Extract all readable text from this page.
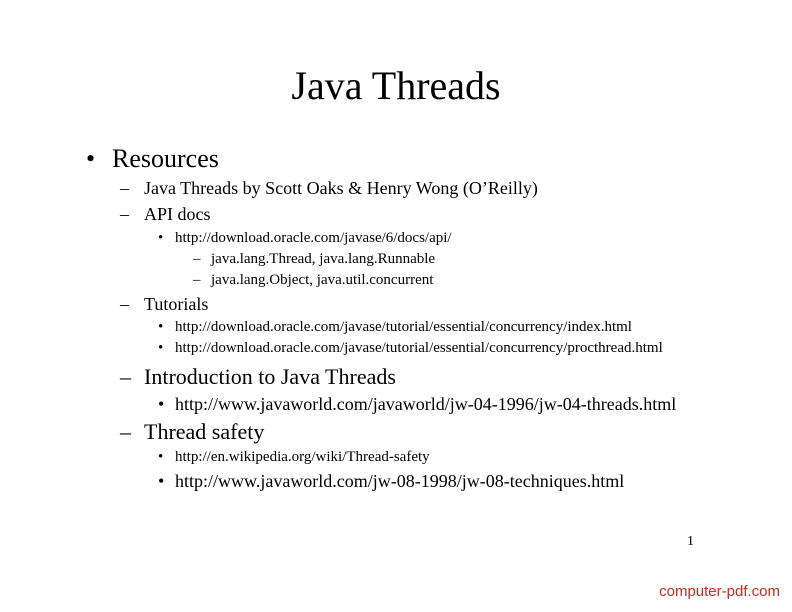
Java Threads
• Resources
– Java Threads by Scott Oaks & Henry Wong (O’Reilly)
– API docs
• http://download.oracle.com/javase/6/docs/api/
– java.lang.Thread, java.lang.Runnable
– java.lang.Object, java.util.concurrent
– Tutorials
• http://download.oracle.com/javase/tutorial/essential/concurrency/index.html
• http://download.oracle.com/javase/tutorial/essential/concurrency/procthread.html
– Introduction to Java Threads
• http://www.javaworld.com/javaworld/jw-04-1996/jw-04-threads.html
– Thread safety
• http://en.wikipedia.org/wiki/Thread-safety
• http://www.javaworld.com/jw-08-1998/jw-08-techniques.html
1
computer-pdf.com
